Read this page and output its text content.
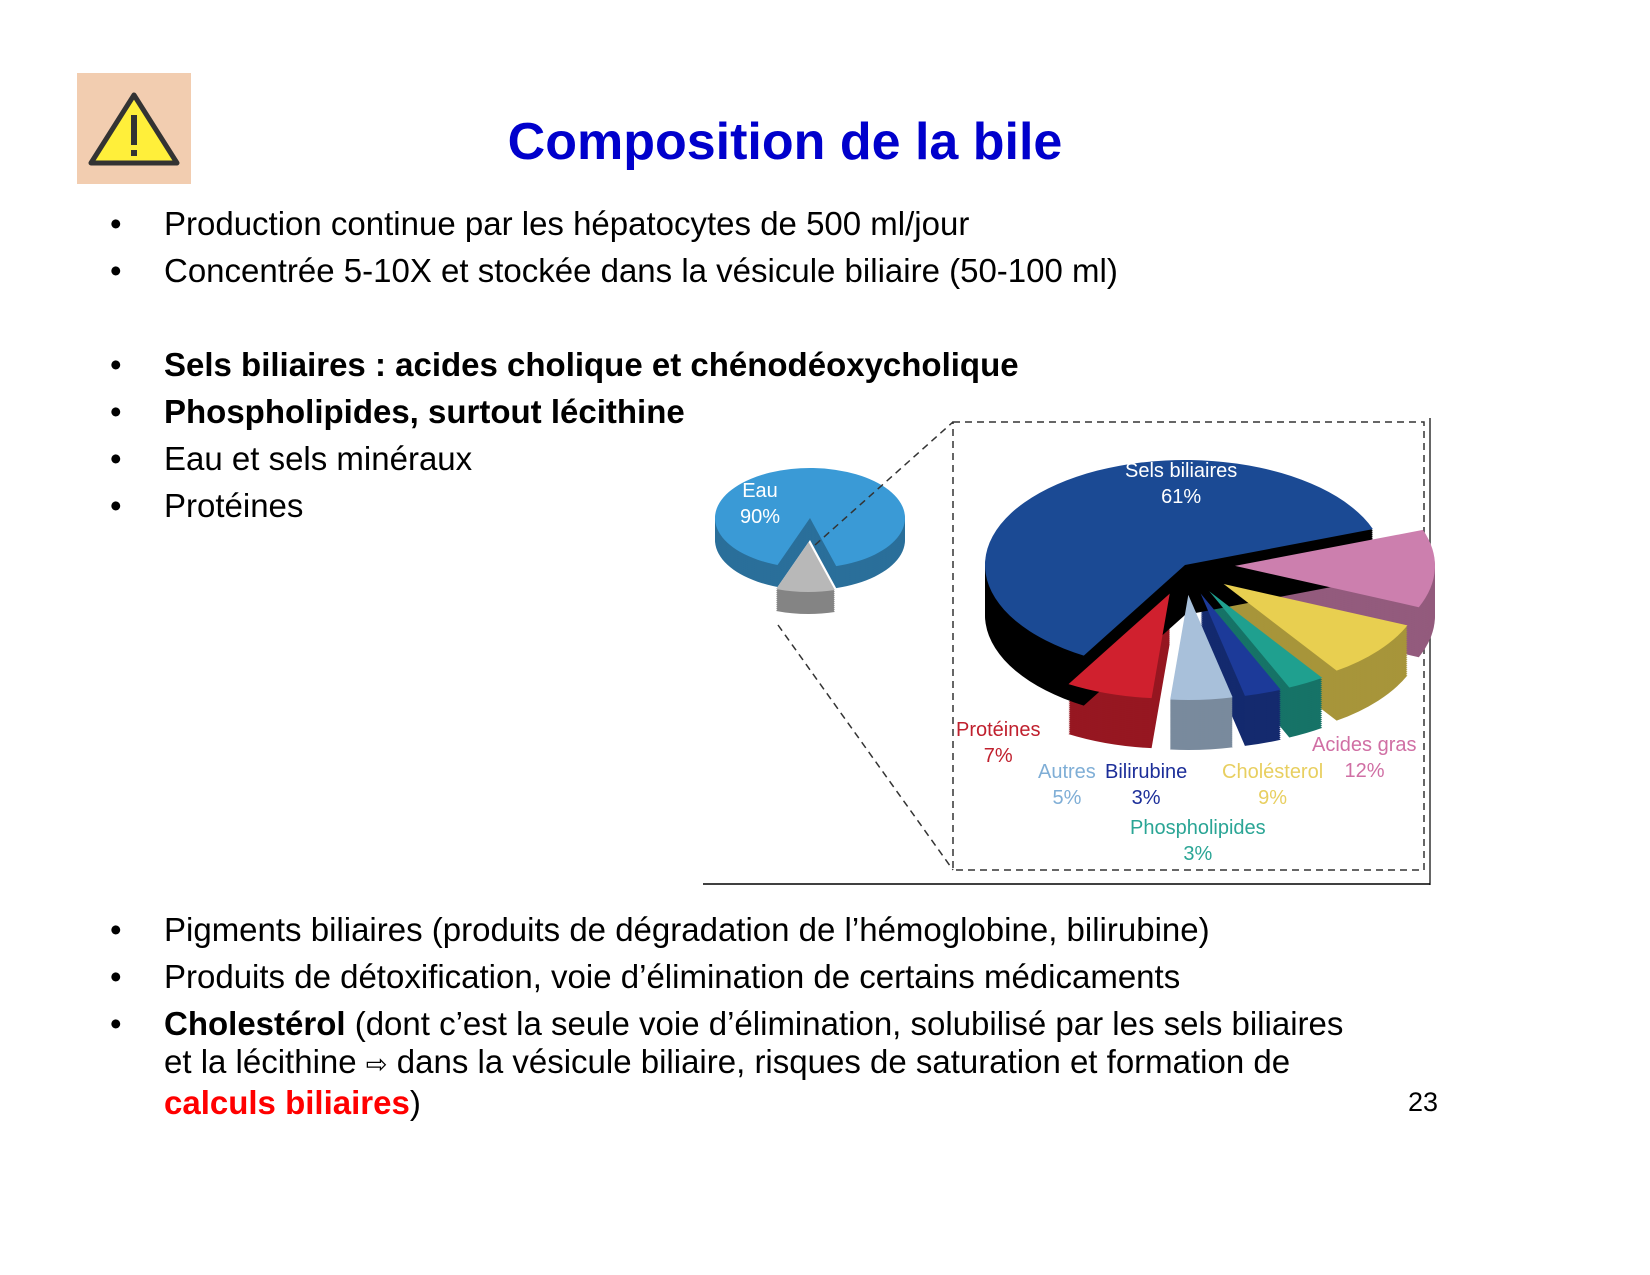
Composition de la bile
• Production continue par les hépatocytes de 500 ml/jour
• Concentrée 5-10X et stockée dans la vésicule biliaire (50-100 ml)
• Sels biliaires : acides cholique et chénodéoxycholique
• Phospholipides, surtout lécithine
• Eau et sels minéraux
• Protéines	Eau
90%
Sels biliaires
61%
Protéines
7%
Autres
5%
Bilirubine
3%
Phospholipides
3%
Cholésterol
9%
Acides gras
12%
• Pigments biliaires (produits de dégradation de l’hémoglobine, bilirubine)
• Produits de détoxification, voie d’élimination de certains médicaments
• Cholestérol (dont c’est la seule voie d’élimination, solubilisé par les sels biliaires
et la lécithine ⇨ dans la vésicule biliaire, risques de saturation et formation de
calculs biliaires)	23
